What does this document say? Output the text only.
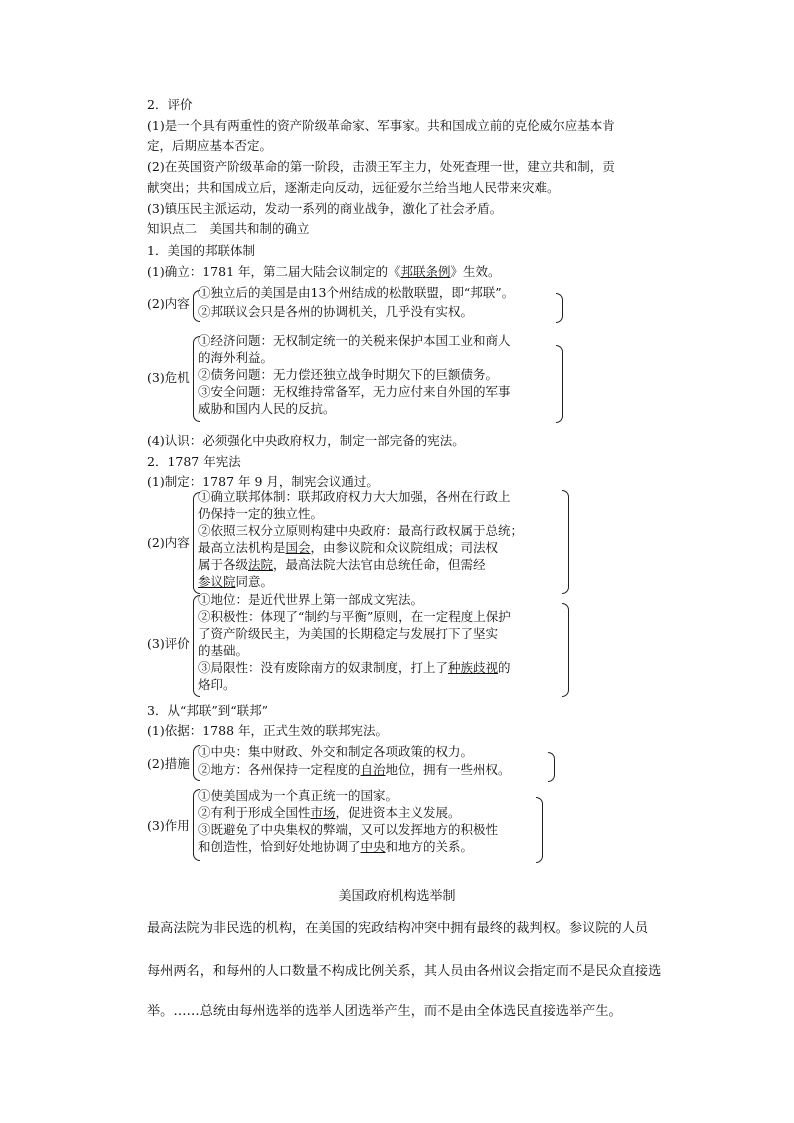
2．评价
(1)是一个具有两重性的资产阶级革命家、军事家。共和国成立前的克伦威尔应基本肯
定，后期应基本否定。
(2)在英国资产阶级革命的第一阶段，击溃王军主力，处死查理一世，建立共和制，贡
献突出；共和国成立后，逐渐走向反动，远征爱尔兰给当地人民带来灾难。
(3)镇压民主派运动，发动一系列的商业战争，激化了社会矛盾。
知识点二　美国共和制的确立
1．美国的邦联体制
(1)确立：1781 年，第二届大陆会议制定的《邦联条例》生效。
(2)内容
①独立后的美国是由13个州结成的松散联盟，即“邦联”。
②邦联议会只是各州的协调机关，几乎没有实权。
(3)危机
①经济问题：无权制定统一的关税来保护本国工业和商人
的海外利益。
②债务问题：无力偿还独立战争时期欠下的巨额债务。
③安全问题：无权维持常备军，无力应付来自外国的军事
威胁和国内人民的反抗。
(4)认识：必须强化中央政府权力，制定一部完备的宪法。
2．1787 年宪法
(1)制定：1787 年 9 月，制宪会议通过。
(2)内容
①确立联邦体制：联邦政府权力大大加强，各州在行政上
仍保持一定的独立性。
②依照三权分立原则构建中央政府：最高行政权属于总统；
最高立法机构是国会，由参议院和众议院组成；司法权
属于各级法院，最高法院大法官由总统任命，但需经
参议院同意。
(3)评价
①地位：是近代世界上第一部成文宪法。
②积极性：体现了“制约与平衡”原则，在一定程度上保护
了资产阶级民主，为美国的长期稳定与发展打下了坚实
的基础。
③局限性：没有废除南方的奴隶制度，打上了种族歧视的
烙印。
3．从“邦联”到“联邦”
(1)依据：1788 年，正式生效的联邦宪法。
(2)措施
①中央：集中财政、外交和制定各项政策的权力。
②地方：各州保持一定程度的自治地位，拥有一些州权。
(3)作用
①使美国成为一个真正统一的国家。
②有利于形成全国性市场，促进资本主义发展。
③既避免了中央集权的弊端，又可以发挥地方的积极性
和创造性，恰到好处地协调了中央和地方的关系。
美国政府机构选举制
最高法院为非民选的机构，在美国的宪政结构冲突中拥有最终的裁判权。参议院的人员
每州两名，和每州的人口数量不构成比例关系，其人员由各州议会指定而不是民众直接选
举。……总统由每州选举的选举人团选举产生，而不是由全体选民直接选举产生。
